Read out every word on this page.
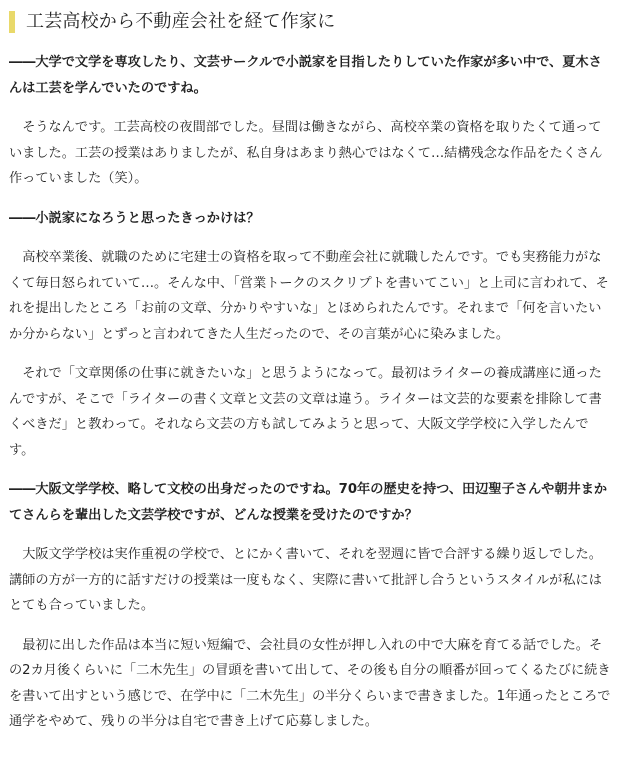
工芸高校から不動産会社を経て作家に

――大学で文学を専攻したり、文芸サークルで小説家を目指したりしていた作家が多い中で、夏木さんは工芸を学んでいたのですね。

そうなんです。工芸高校の夜間部でした。昼間は働きながら、高校卒業の資格を取りたくて通っていました。工芸の授業はありましたが、私自身はあまり熱心ではなくて…結構残念な作品をたくさん作っていました（笑）。

――小説家になろうと思ったきっかけは？

高校卒業後、就職のために宅建士の資格を取って不動産会社に就職したんです。でも実務能力がなくて毎日怒られていて…。そんな中、「営業トークのスクリプトを書いてこい」と上司に言われて、それを提出したところ「お前の文章、分かりやすいな」とほめられたんです。それまで「何を言いたいか分からない」とずっと言われてきた人生だったので、その言葉が心に染みました。

それで「文章関係の仕事に就きたいな」と思うようになって。最初はライターの養成講座に通ったんですが、そこで「ライターの書く文章と文芸の文章は違う。ライターは文芸的な要素を排除して書くべきだ」と教わって。それなら文芸の方も試してみようと思って、大阪文学学校に入学したんです。

――大阪文学学校、略して文校の出身だったのですね。70年の歴史を持つ、田辺聖子さんや朝井まかてさんらを輩出した文芸学校ですが、どんな授業を受けたのですか？

大阪文学学校は実作重視の学校で、とにかく書いて、それを翌週に皆で合評する繰り返しでした。講師の方が一方的に話すだけの授業は一度もなく、実際に書いて批評し合うというスタイルが私にはとても合っていました。

最初に出した作品は本当に短い短編で、会社員の女性が押し入れの中で大麻を育てる話でした。その2カ月後くらいに「二木先生」の冒頭を書いて出して、その後も自分の順番が回ってくるたびに続きを書いて出すという感じで、在学中に「二木先生」の半分くらいまで書きました。1年通ったところで通学をやめて、残りの半分は自宅で書き上げて応募しました。
